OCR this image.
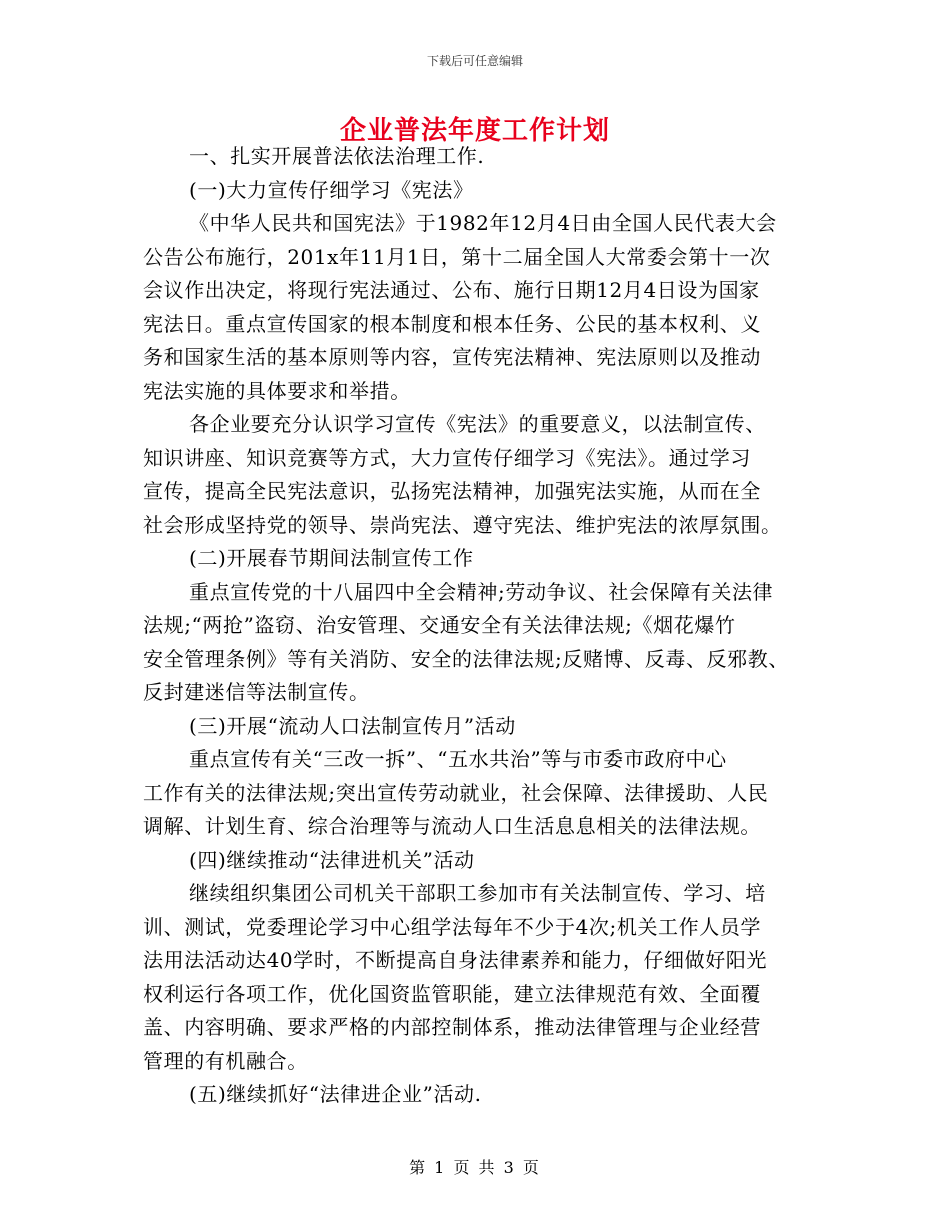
下载后可任意编辑
企业普法年度工作计划
一、扎实开展普法依法治理工作.
(一)大力宣传仔细学习《宪法》
《中华人民共和国宪法》于1982年12月4日由全国人民代表大会
公告公布施行，201x年11月1日，第十二届全国人大常委会第十一次
会议作出决定，将现行宪法通过、公布、施行日期12月4日设为国家
宪法日。重点宣传国家的根本制度和根本任务、公民的基本权利、义
务和国家生活的基本原则等内容，宣传宪法精神、宪法原则以及推动
宪法实施的具体要求和举措。
各企业要充分认识学习宣传《宪法》的重要意义，以法制宣传、
知识讲座、知识竞赛等方式，大力宣传仔细学习《宪法》。通过学习
宣传，提高全民宪法意识，弘扬宪法精神，加强宪法实施，从而在全
社会形成坚持党的领导、崇尚宪法、遵守宪法、维护宪法的浓厚氛围。
(二)开展春节期间法制宣传工作
重点宣传党的十八届四中全会精神;劳动争议、社会保障有关法律
法规;“两抢”盗窃、治安管理、交通安全有关法律法规;《烟花爆竹
安全管理条例》等有关消防、安全的法律法规;反赌博、反毒、反邪教、
反封建迷信等法制宣传。
(三)开展“流动人口法制宣传月”活动
重点宣传有关“三改一拆”、“五水共治”等与市委市政府中心
工作有关的法律法规;突出宣传劳动就业，社会保障、法律援助、人民
调解、计划生育、综合治理等与流动人口生活息息相关的法律法规。
(四)继续推动“法律进机关”活动
继续组织集团公司机关干部职工参加市有关法制宣传、学习、培
训、测试，党委理论学习中心组学法每年不少于4次;机关工作人员学
法用法活动达40学时，不断提高自身法律素养和能力，仔细做好阳光
权利运行各项工作，优化国资监管职能，建立法律规范有效、全面覆
盖、内容明确、要求严格的内部控制体系，推动法律管理与企业经营
管理的有机融合。
(五)继续抓好“法律进企业”活动.
第 1 页 共 3 页
